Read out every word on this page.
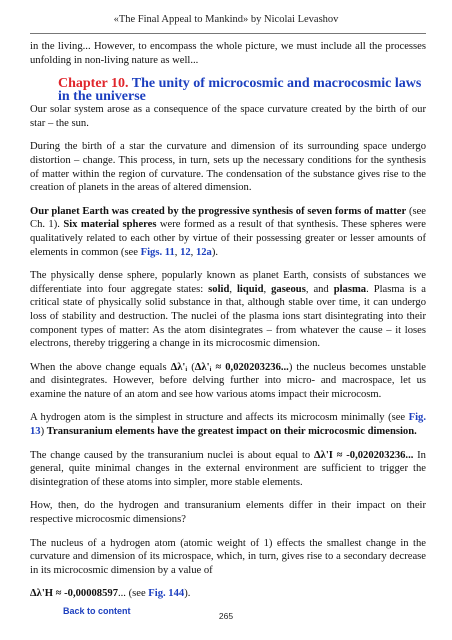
«The Final Appeal to Mankind» by Nicolai Levashov

in the living... However, to encompass the whole picture, we must include all the processes unfolding in non-living nature as well...

Chapter 10. The unity of microcosmic and macrocosmic laws in the universe

Our solar system arose as a consequence of the space curvature created by the birth of our star – the sun.

During the birth of a star the curvature and dimension of its surrounding space undergo distortion – change. This process, in turn, sets up the necessary conditions for the synthesis of matter within the region of curvature. The condensation of the substance gives rise to the creation of planets in the areas of altered dimension.

Our planet Earth was created by the progressive synthesis of seven forms of matter (see Ch. 1). Six material spheres were formed as a result of that synthesis. These spheres were qualitatively related to each other by virtue of their possessing greater or lesser amounts of elements in common (see Figs. 11, 12, 12a).

The physically dense sphere, popularly known as planet Earth, consists of substances we differentiate into four aggregate states: solid, liquid, gaseous, and plasma. Plasma is a critical state of physically solid substance in that, although stable over time, it can undergo loss of stability and destruction. The nuclei of the plasma ions start disintegrating into their component types of matter: As the atom disintegrates – from whatever the cause – it loses electrons, thereby triggering a change in its microcosmic dimension.

When the above change equals Δλ'ᵢ (Δλ'ᵢ ≈ 0,020203236...) the nucleus becomes unstable and disintegrates. However, before delving further into micro- and macrospace, let us examine the nature of an atom and see how various atoms impact their microcosm.

A hydrogen atom is the simplest in structure and affects its microcosm minimally (see Fig. 13) Transuranium elements have the greatest impact on their microcosmic dimension.

The change caused by the transuranium nuclei is about equal to Δλ'I ≈ -0,020203236... In general, quite minimal changes in the external environment are sufficient to trigger the disintegration of these atoms into simpler, more stable elements.

How, then, do the hydrogen and transuranium elements differ in their impact on their respective microcosmic dimensions?

The nucleus of a hydrogen atom (atomic weight of 1) effects the smallest change in the curvature and dimension of its microspace, which, in turn, gives rise to a secondary decrease in its microcosmic dimension by a value of

Δλ'H ≈ -0,00008597... (see Fig. 144).

Back to content	265
